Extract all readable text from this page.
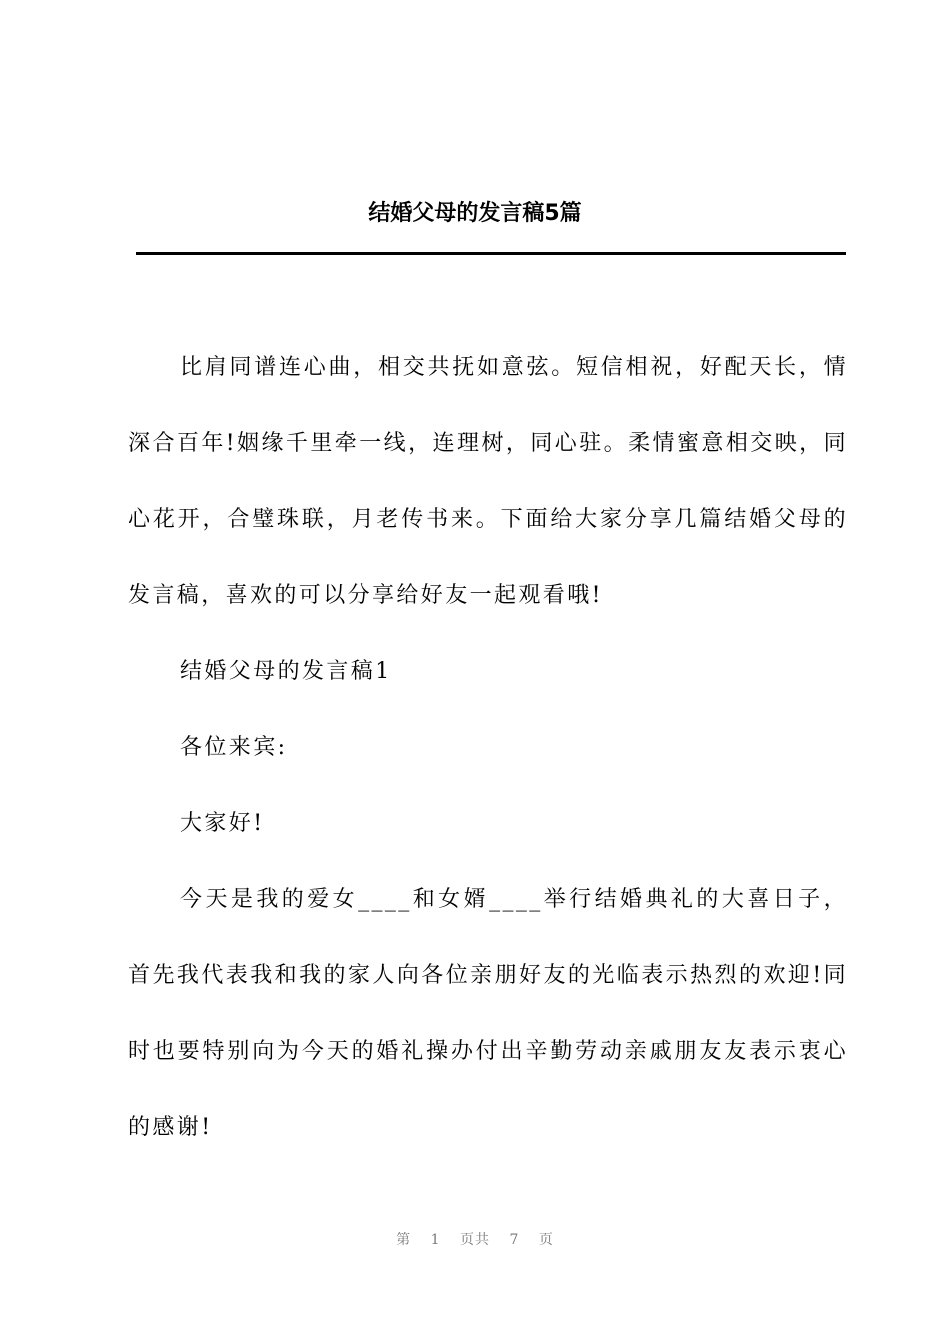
结婚父母的发言稿5篇

比肩同谱连心曲，相交共抚如意弦。短信相祝，好配天长，情深合百年!姻缘千里牵一线，连理树，同心驻。柔情蜜意相交映，同心花开，合璧珠联，月老传书来。下面给大家分享几篇结婚父母的发言稿，喜欢的可以分享给好友一起观看哦!

结婚父母的发言稿1

各位来宾:

大家好!

今天是我的爱女____和女婿____举行结婚典礼的大喜日子，首先我代表我和我的家人向各位亲朋好友的光临表示热烈的欢迎!同时也要特别向为今天的婚礼操办付出辛勤劳动亲戚朋友友表示衷心的感谢!

第 1 页共 7 页
